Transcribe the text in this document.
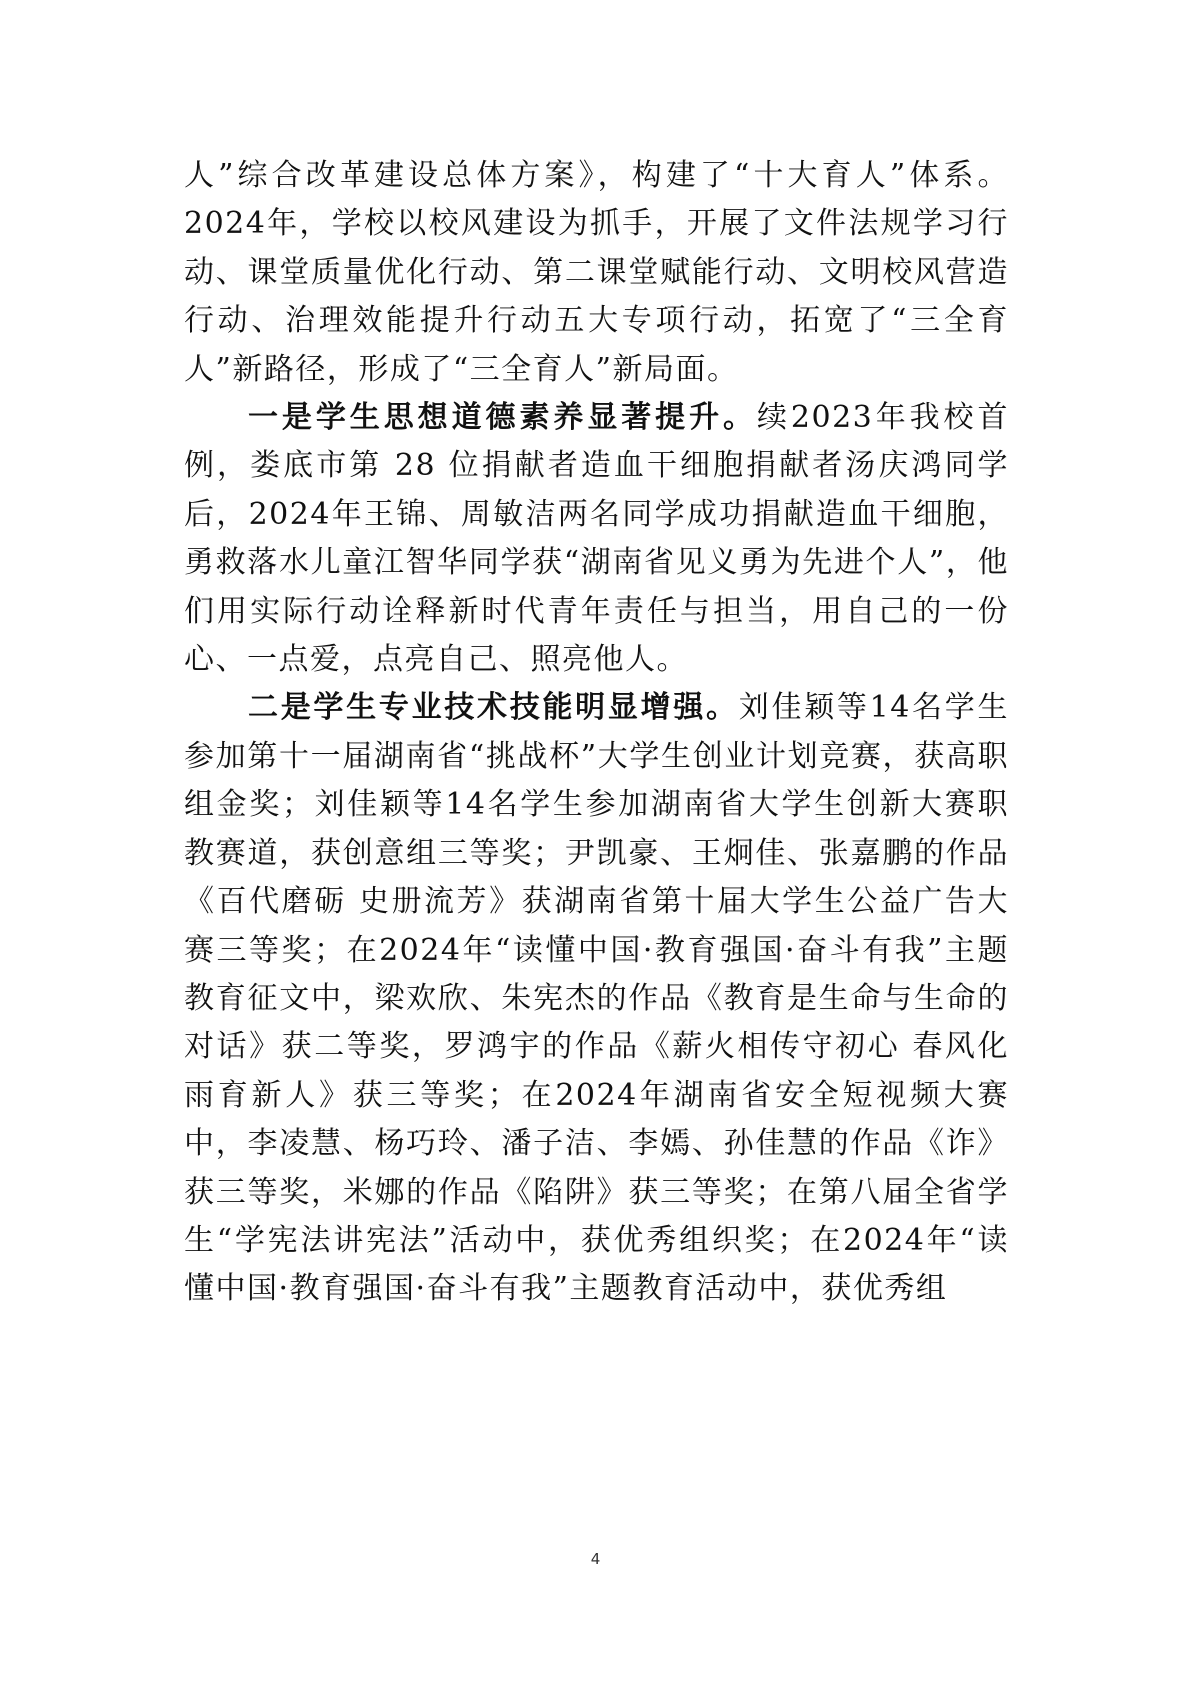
人”综合改革建设总体方案》，构建了“十大育人”体系。2024年，学校以校风建设为抓手，开展了文件法规学习行动、课堂质量优化行动、第二课堂赋能行动、文明校风营造行动、治理效能提升行动五大专项行动，拓宽了“三全育人”新路径，形成了“三全育人”新局面。

一是学生思想道德素养显著提升。续2023年我校首例，娄底市第 28 位捐献者造血干细胞捐献者汤庆鸿同学后，2024年王锦、周敏洁两名同学成功捐献造血干细胞，勇救落水儿童江智华同学获“湖南省见义勇为先进个人”，他们用实际行动诠释新时代青年责任与担当，用自己的一份心、一点爱，点亮自己、照亮他人。

二是学生专业技术技能明显增强。刘佳颖等14名学生参加第十一届湖南省“挑战杯”大学生创业计划竞赛，获高职组金奖；刘佳颖等14名学生参加湖南省大学生创新大赛职教赛道，获创意组三等奖；尹凯豪、王炯佳、张嘉鹏的作品《百代磨砺 史册流芳》获湖南省第十届大学生公益广告大赛三等奖；在2024年“读懂中国·教育强国·奋斗有我”主题教育征文中，梁欢欣、朱宪杰的作品《教育是生命与生命的对话》获二等奖，罗鸿宇的作品《薪火相传守初心 春风化雨育新人》获三等奖；在2024年湖南省安全短视频大赛中，李凌慧、杨巧玲、潘子洁、李嫣、孙佳慧的作品《诈》获三等奖，米娜的作品《陷阱》获三等奖；在第八届全省学生“学宪法讲宪法”活动中，获优秀组织奖；在2024年“读懂中国·教育强国·奋斗有我”主题教育活动中，获优秀组

4
